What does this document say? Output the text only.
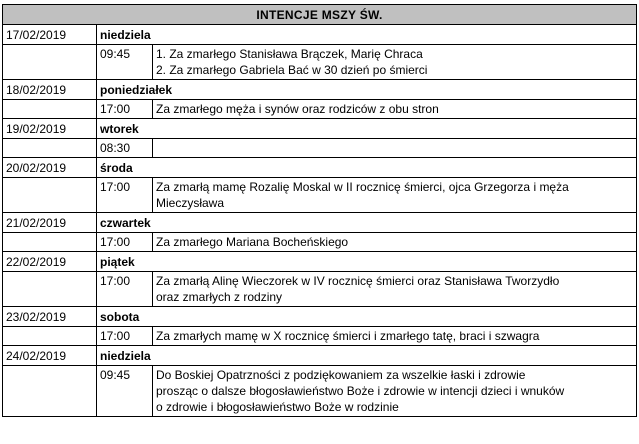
INTENCJE MSZY ŚW.		
17/02/2019	niedziela	
	09:45	1. Za zmarłego Stanisława Brączek, Marię Chraca
2. Za zmarłego Gabriela Bać w 30 dzień po śmierci

18/02/2019	poniedziałek	
	17:00	Za zmarłego męża i synów oraz rodziców z obu stron

19/02/2019	wtorek	
	08:30	

20/02/2019	środa	
	17:00	Za zmarłą mamę Rozalię Moskal w II rocznicę śmierci, ojca Grzegorza i męża
Mieczysława

21/02/2019	czwartek	
	17:00	Za zmarłego Mariana Bocheńskiego

22/02/2019	piątek	
	17:00	Za zmarłą Alinę Wieczorek w IV rocznicę śmierci oraz Stanisława Tworzydło
oraz zmarłych z rodziny

23/02/2019	sobota	
	17:00	Za zmarłych mamę w X rocznicę śmierci i zmarłego tatę, braci i szwagra

24/02/2019	niedziela	
	09:45	Do Boskiej Opatrzności z podziękowaniem za wszelkie łaski i zdrowie
prosząc o dalsze błogosławieństwo Boże i zdrowie w intencji dzieci i wnuków
o zdrowie i błogosławieństwo Boże w rodzinie
